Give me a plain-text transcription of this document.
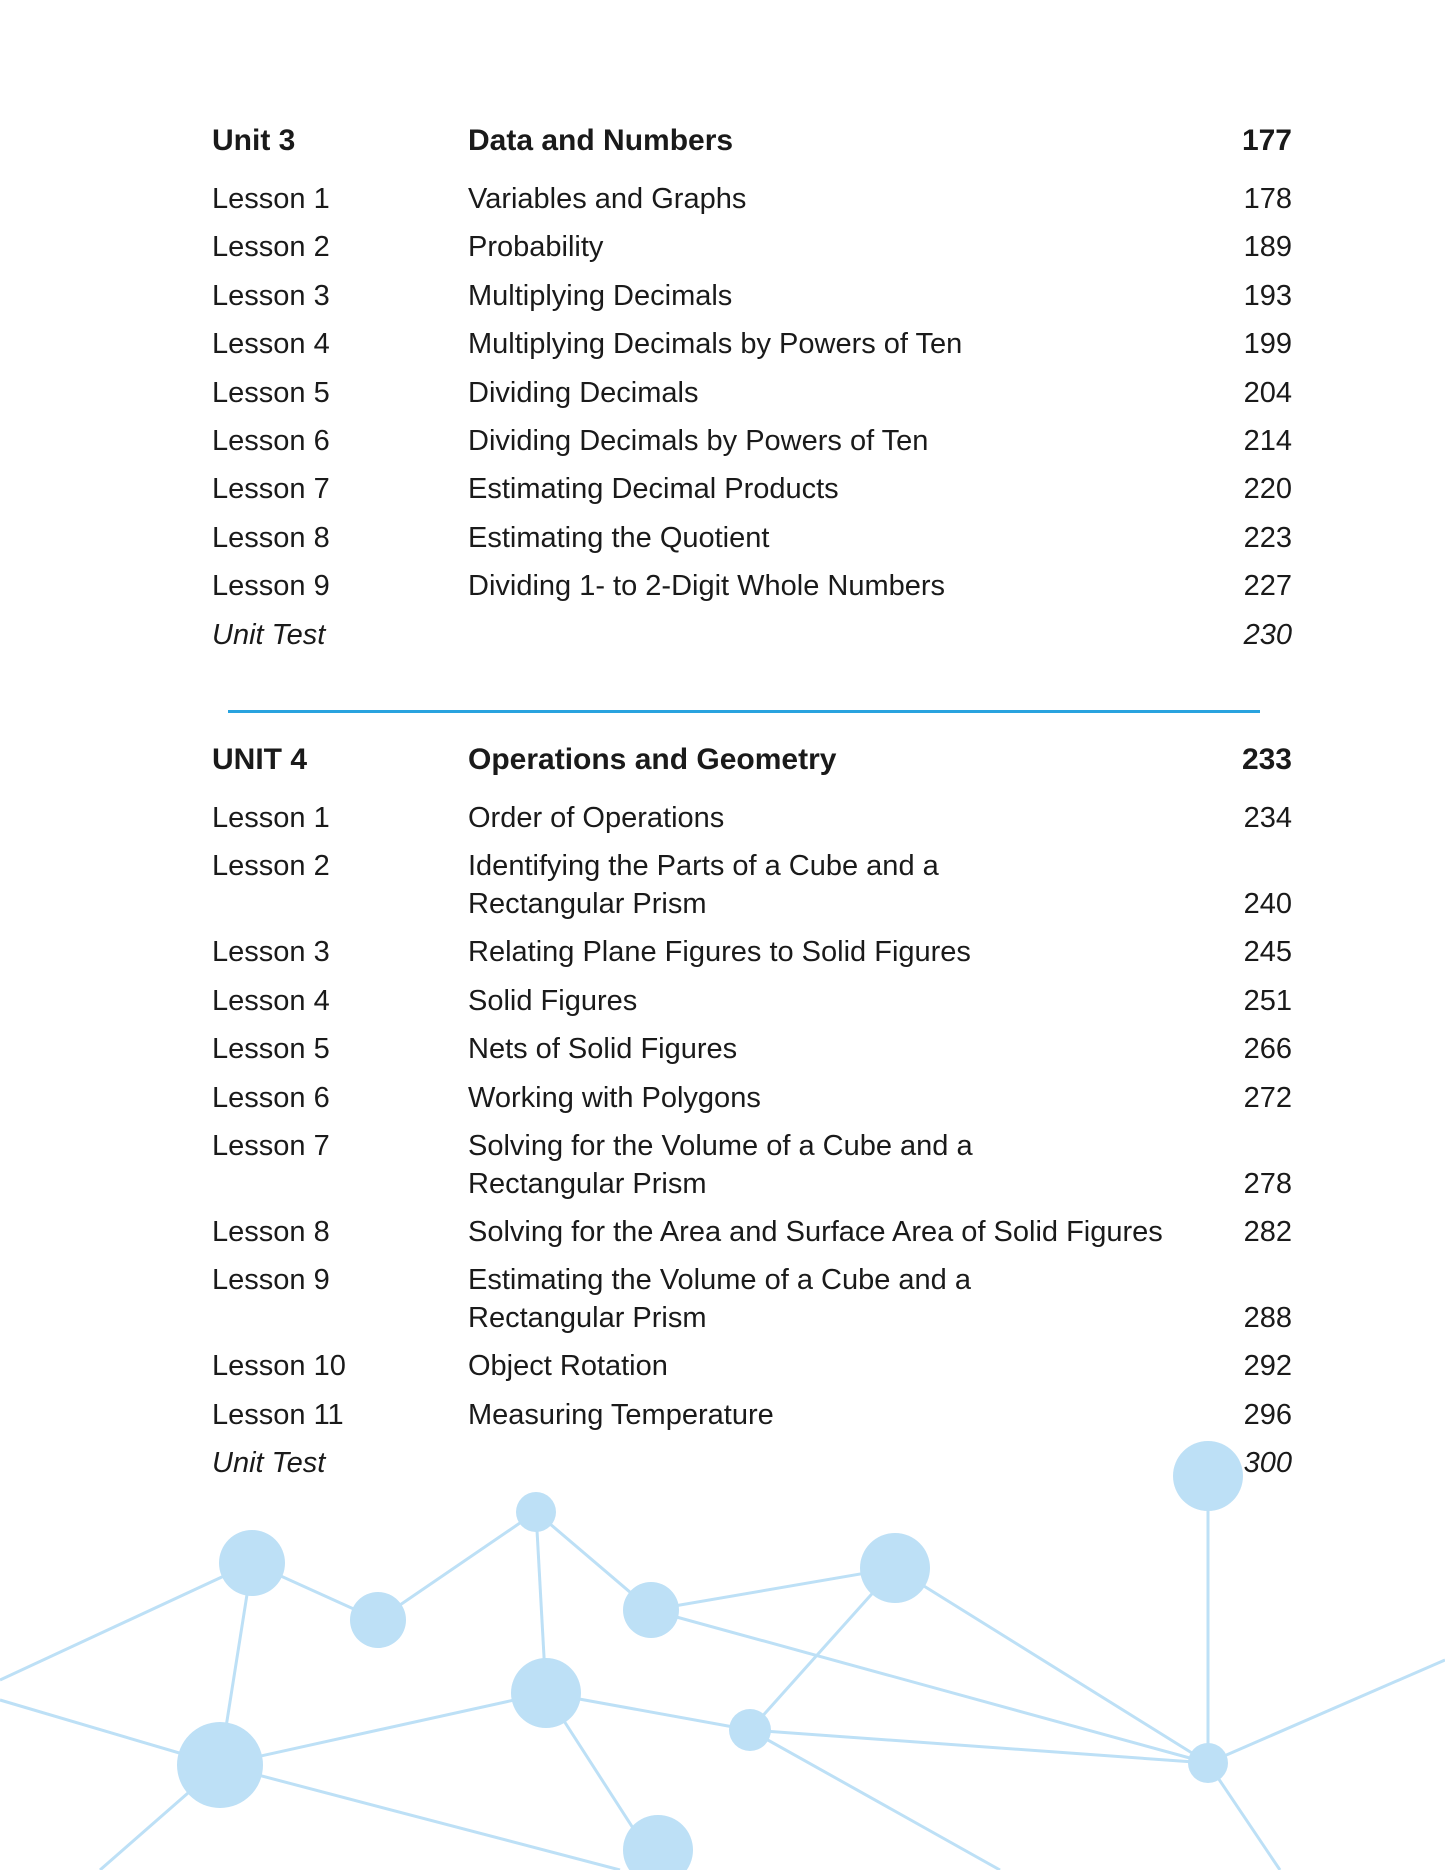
Unit 3	Data and Numbers	177
Lesson 1	Variables and Graphs	178
Lesson 2	Probability	189
Lesson 3	Multiplying Decimals	193
Lesson 4	Multiplying Decimals by Powers of Ten	199
Lesson 5	Dividing Decimals	204
Lesson 6	Dividing Decimals by Powers of Ten	214
Lesson 7	Estimating Decimal Products	220
Lesson 8	Estimating the Quotient	223
Lesson 9	Dividing 1- to 2-Digit Whole Numbers	227
Unit Test	230
UNIT 4	Operations and Geometry	233
Lesson 1	Order of Operations	234
Lesson 2	Identifying the Parts of a Cube and a
Rectangular Prism	240
Lesson 3	Relating Plane Figures to Solid Figures	245
Lesson 4	Solid Figures	251
Lesson 5	Nets of Solid Figures	266
Lesson 6	Working with Polygons	272
Lesson 7	Solving for the Volume of a Cube and a
Rectangular Prism	278
Lesson 8	Solving for the Area and Surface Area of Solid Figures	282
Lesson 9	Estimating the Volume of a Cube and a
Rectangular Prism	288
Lesson 10	Object Rotation	292
Lesson 11	Measuring Temperature	296
Unit Test	300
